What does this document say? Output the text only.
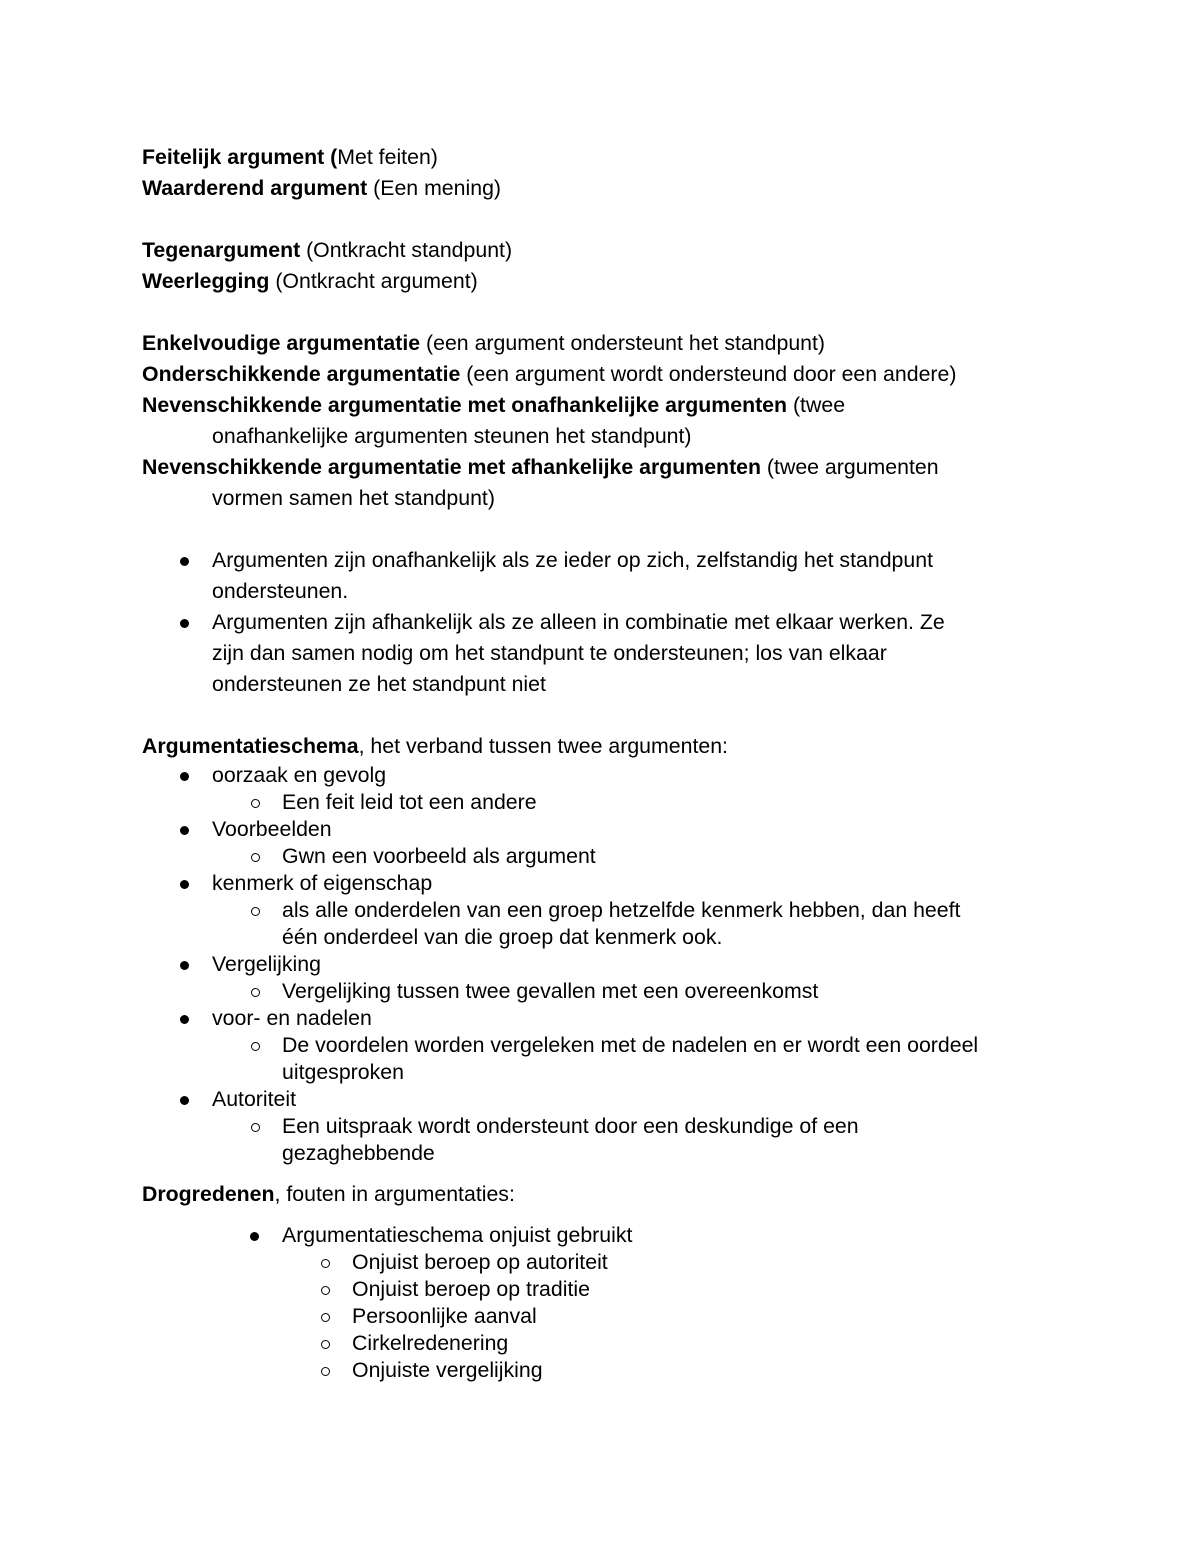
Feitelijk argument (Met feiten)
Waarderend argument (Een mening)
Tegenargument (Ontkracht standpunt)
Weerlegging (Ontkracht argument)
Enkelvoudige argumentatie (een argument ondersteunt het standpunt)
Onderschikkende argumentatie (een argument wordt ondersteund door een andere)
Nevenschikkende argumentatie met onafhankelijke argumenten (twee
onafhankelijke argumenten steunen het standpunt)
Nevenschikkende argumentatie met afhankelijke argumenten (twee argumenten
vormen samen het standpunt)
Argumenten zijn onafhankelijk als ze ieder op zich, zelfstandig het standpunt
ondersteunen.
Argumenten zijn afhankelijk als ze alleen in combinatie met elkaar werken. Ze
zijn dan samen nodig om het standpunt te ondersteunen; los van elkaar
ondersteunen ze het standpunt niet
Argumentatieschema, het verband tussen twee argumenten:
oorzaak en gevolg
Een feit leid tot een andere
Voorbeelden
Gwn een voorbeeld als argument
kenmerk of eigenschap
als alle onderdelen van een groep hetzelfde kenmerk hebben, dan heeft
één onderdeel van die groep dat kenmerk ook.
Vergelijking
Vergelijking tussen twee gevallen met een overeenkomst
voor- en nadelen
De voordelen worden vergeleken met de nadelen en er wordt een oordeel
uitgesproken
Autoriteit
Een uitspraak wordt ondersteunt door een deskundige of een
gezaghebbende
Drogredenen, fouten in argumentaties:
Argumentatieschema onjuist gebruikt
Onjuist beroep op autoriteit
Onjuist beroep op traditie
Persoonlijke aanval
Cirkelredenering
Onjuiste vergelijking
